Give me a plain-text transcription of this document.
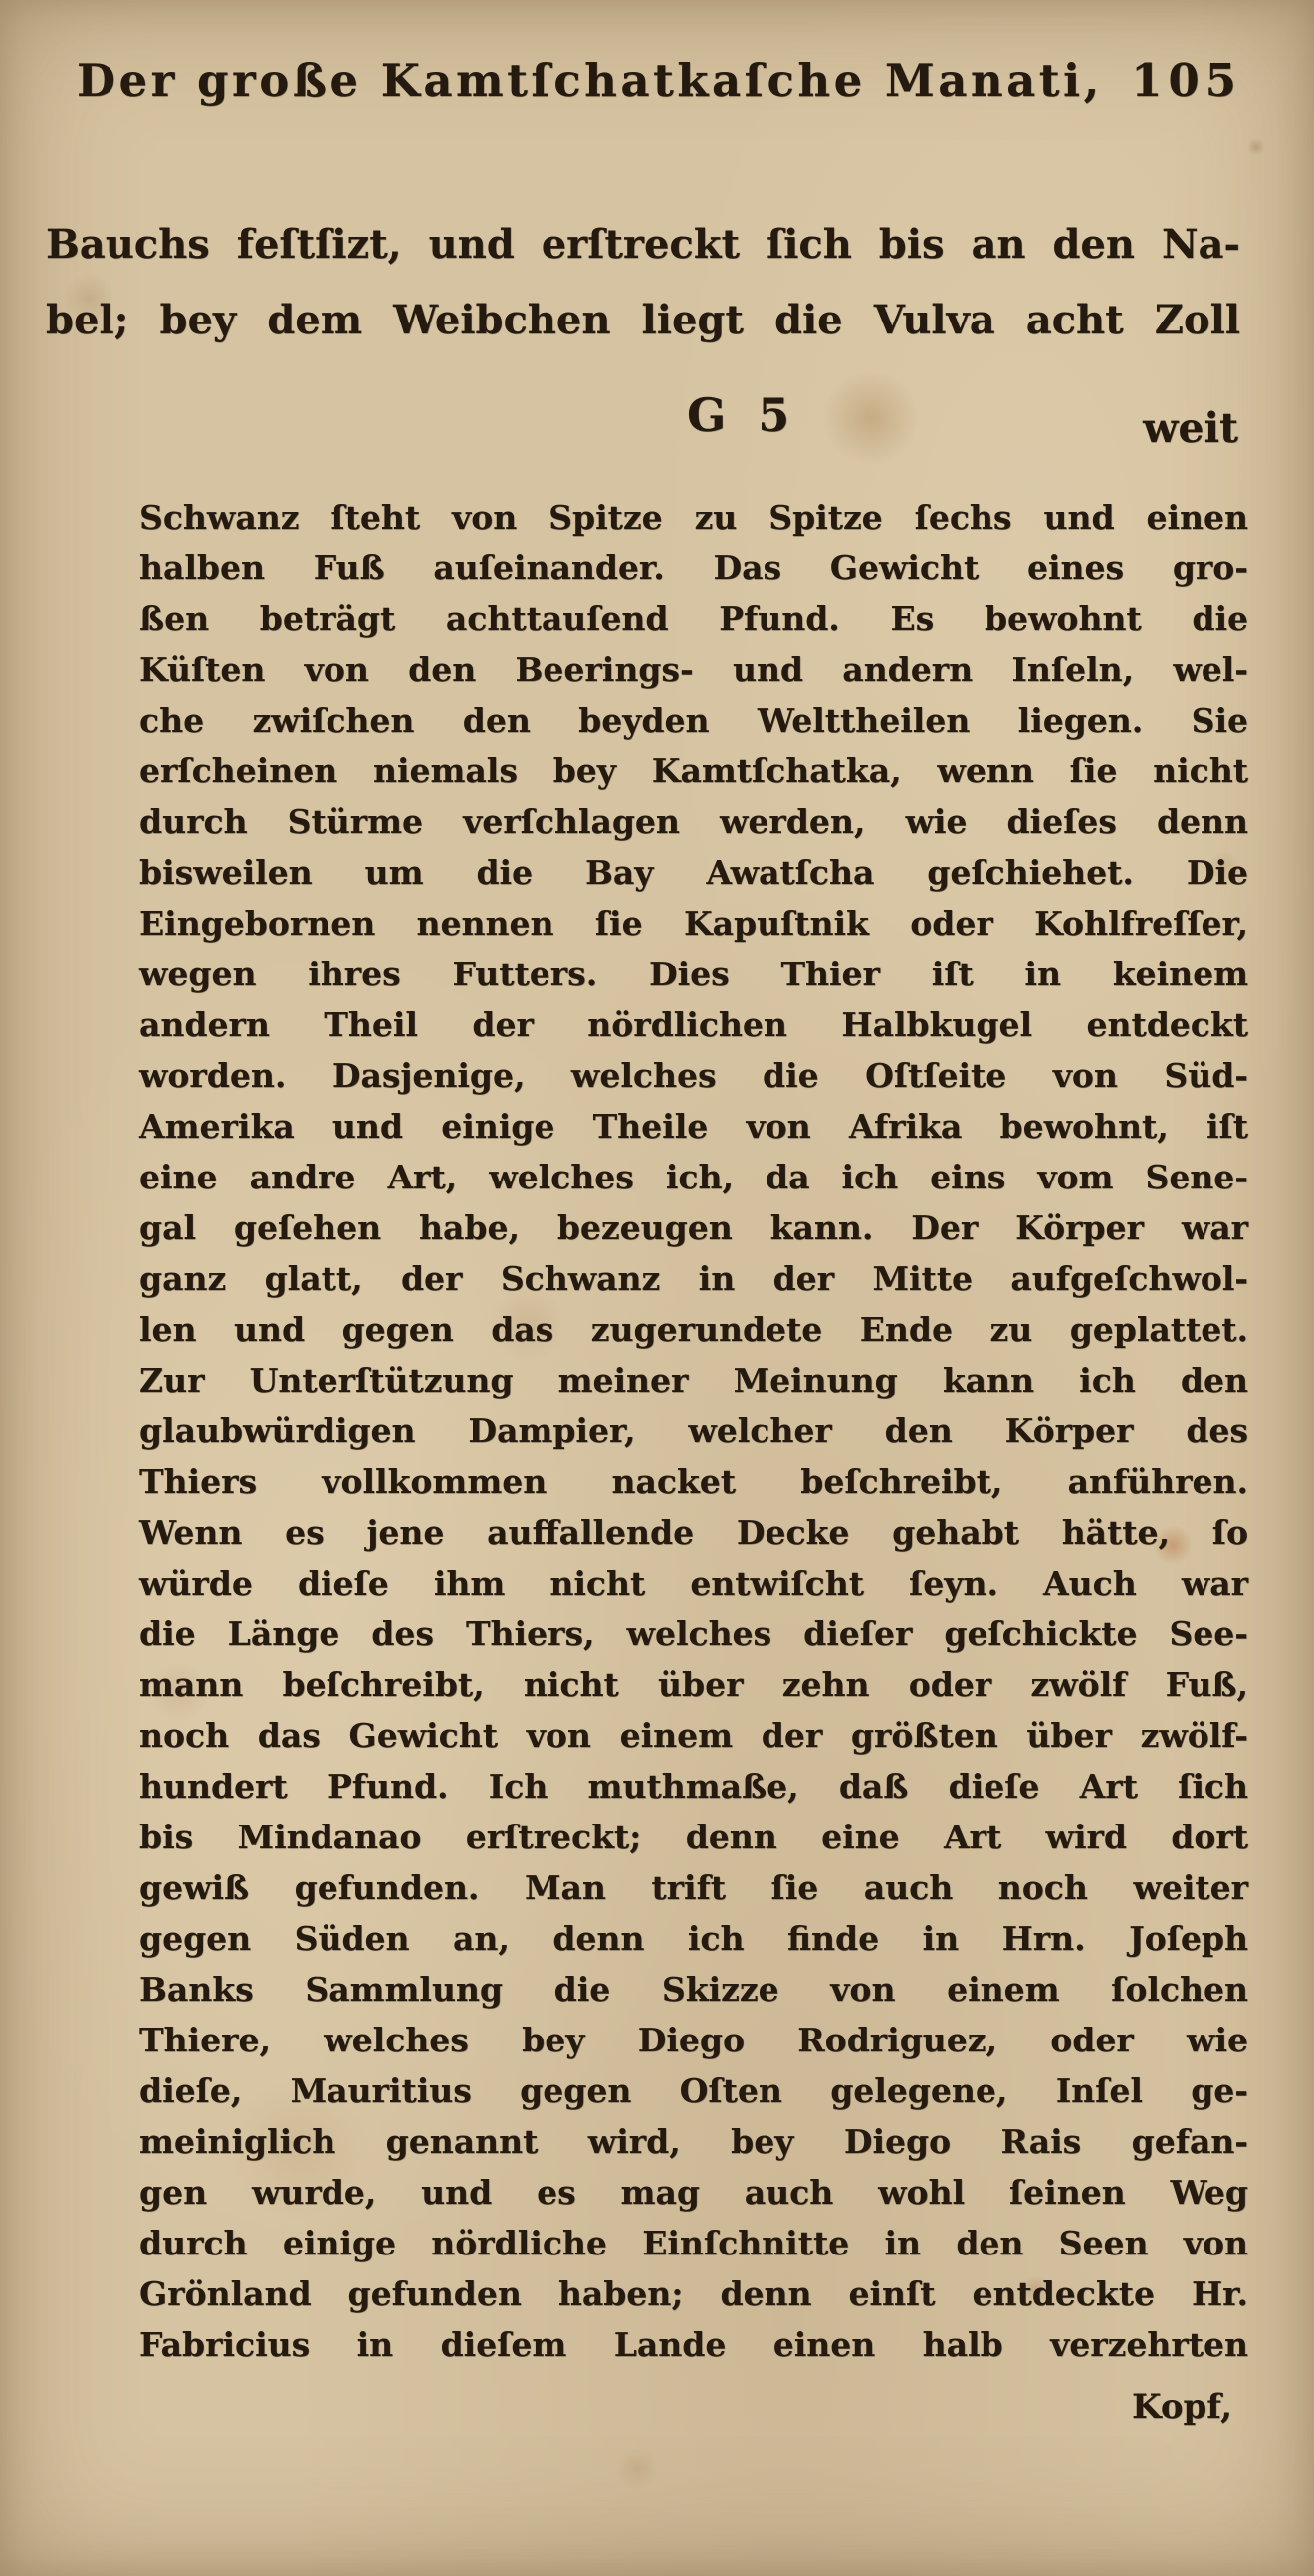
Der große Kamtſchatkaſche Manati, 105
Bauchs feſtſizt, und erſtreckt ſich bis an den Na-
bel; bey dem Weibchen liegt die Vulva acht Zoll
G 5	weit
Schwanz ſteht von Spitze zu Spitze ſechs und einen
halben Fuß auſeinander. Das Gewicht eines gro-
ßen beträgt achttauſend Pfund. Es bewohnt die
Küſten von den Beerings- und andern Inſeln, wel-
che zwiſchen den beyden Welttheilen liegen. Sie
erſcheinen niemals bey Kamtſchatka, wenn ſie nicht
durch Stürme verſchlagen werden, wie dieſes denn
bisweilen um die Bay Awatſcha geſchiehet. Die
Eingebornen nennen ſie Kapuſtnik oder Kohlfreſſer,
wegen ihres Futters. Dies Thier iſt in keinem
andern Theil der nördlichen Halbkugel entdeckt
worden. Dasjenige, welches die Oſtſeite von Süd-
Amerika und einige Theile von Afrika bewohnt, iſt
eine andre Art, welches ich, da ich eins vom Sene-
gal geſehen habe, bezeugen kann. Der Körper war
ganz glatt, der Schwanz in der Mitte aufgeſchwol-
len und gegen das zugerundete Ende zu geplattet.
Zur Unterſtützung meiner Meinung kann ich den
glaubwürdigen Dampier, welcher den Körper des
Thiers vollkommen nacket beſchreibt, anführen.
Wenn es jene auffallende Decke gehabt hätte, ſo
würde dieſe ihm nicht entwiſcht ſeyn. Auch war
die Länge des Thiers, welches dieſer geſchickte See-
mann beſchreibt, nicht über zehn oder zwölf Fuß,
noch das Gewicht von einem der größten über zwölf-
hundert Pfund. Ich muthmaße, daß dieſe Art ſich
bis Mindanao erſtreckt; denn eine Art wird dort
gewiß gefunden. Man trift ſie auch noch weiter
gegen Süden an, denn ich finde in Hrn. Joſeph
Banks Sammlung die Skizze von einem ſolchen
Thiere, welches bey Diego Rodriguez, oder wie
dieſe, Mauritius gegen Oſten gelegene, Inſel ge-
meiniglich genannt wird, bey Diego Rais gefan-
gen wurde, und es mag auch wohl ſeinen Weg
durch einige nördliche Einſchnitte in den Seen von
Grönland gefunden haben; denn einſt entdeckte Hr.
Fabricius in dieſem Lande einen halb verzehrten
Kopf,
